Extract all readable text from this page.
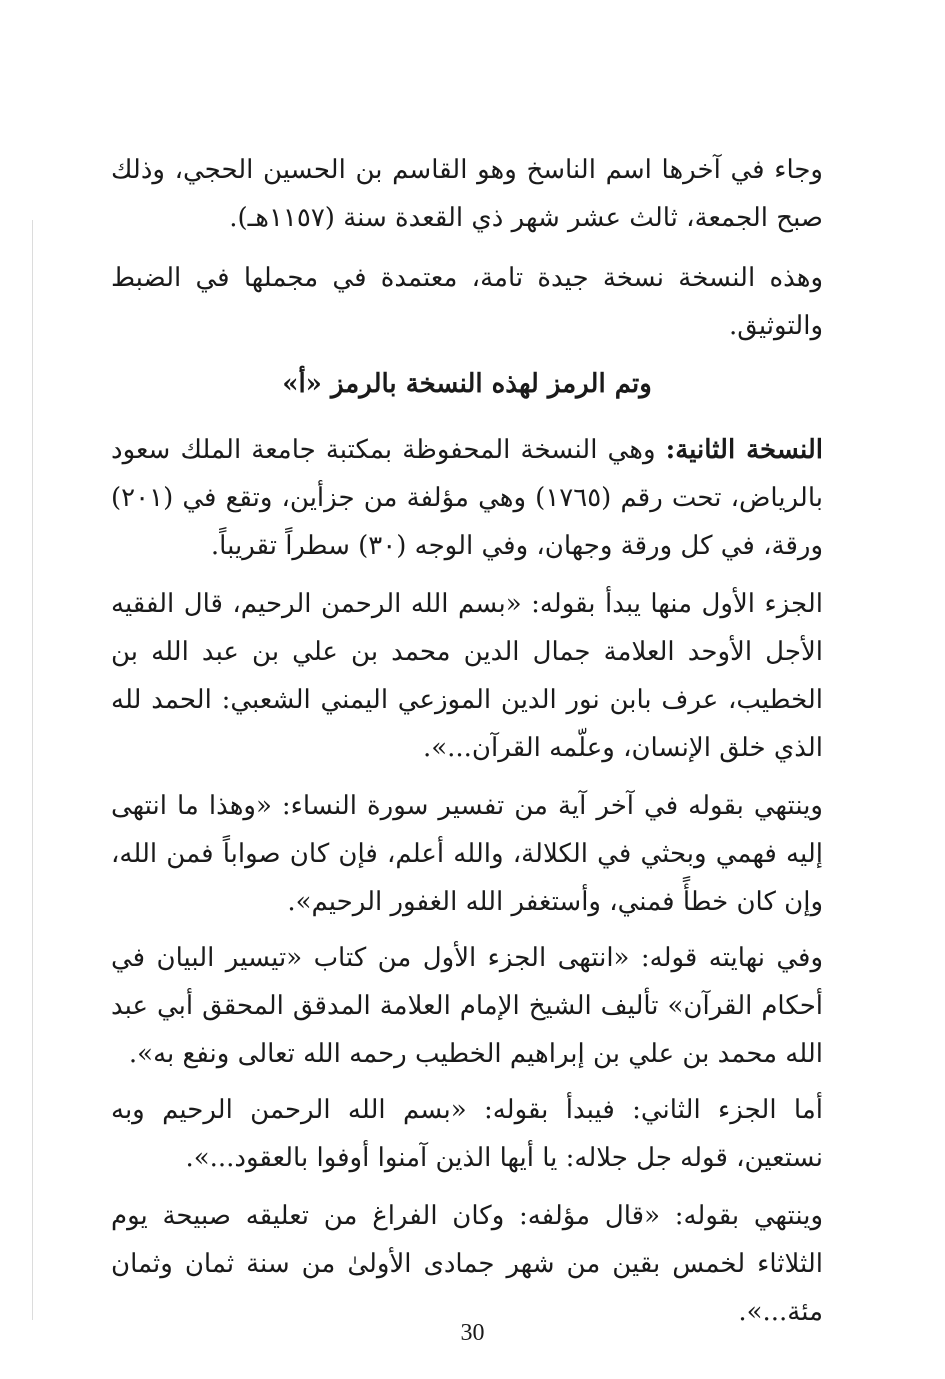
وجاء في آخرها اسم الناسخ وهو القاسم بن الحسين الحجي، وذلك صبح الجمعة، ثالث عشر شهر ذي القعدة سنة (١١٥٧هـ).

وهذه النسخة نسخة جيدة تامة، معتمدة في مجملها في الضبط والتوثيق.

وتم الرمز لهذه النسخة بالرمز «أ»

النسخة الثانية: وهي النسخة المحفوظة بمكتبة جامعة الملك سعود بالرياض، تحت رقم (١٧٦٥) وهي مؤلفة من جزأين، وتقع في (٢٠١) ورقة، في كل ورقة وجهان، وفي الوجه (٣٠) سطراً تقريباً.

الجزء الأول منها يبدأ بقوله: «بسم الله الرحمن الرحيم، قال الفقيه الأجل الأوحد العلامة جمال الدين محمد بن علي بن عبد الله بن الخطيب، عرف بابن نور الدين الموزعي اليمني الشعبي: الحمد لله الذي خلق الإنسان، وعلّمه القرآن...».

وينتهي بقوله في آخر آية من تفسير سورة النساء: «وهذا ما انتهى إليه فهمي وبحثي في الكلالة، والله أعلم، فإن كان صواباً فمن الله، وإن كان خطأً فمني، وأستغفر الله الغفور الرحيم».

وفي نهايته قوله: «انتهى الجزء الأول من كتاب «تيسير البيان في أحكام القرآن» تأليف الشيخ الإمام العلامة المدقق المحقق أبي عبد الله محمد بن علي بن إبراهيم الخطيب رحمه الله تعالى ونفع به».

أما الجزء الثاني: فيبدأ بقوله: «بسم الله الرحمن الرحيم وبه نستعين، قوله جل جلاله: يا أيها الذين آمنوا أوفوا بالعقود...».

وينتهي بقوله: «قال مؤلفه: وكان الفراغ من تعليقه صبيحة يوم الثلاثاء لخمس بقين من شهر جمادى الأولىٰ من سنة ثمان وثمان مئة...».

30
